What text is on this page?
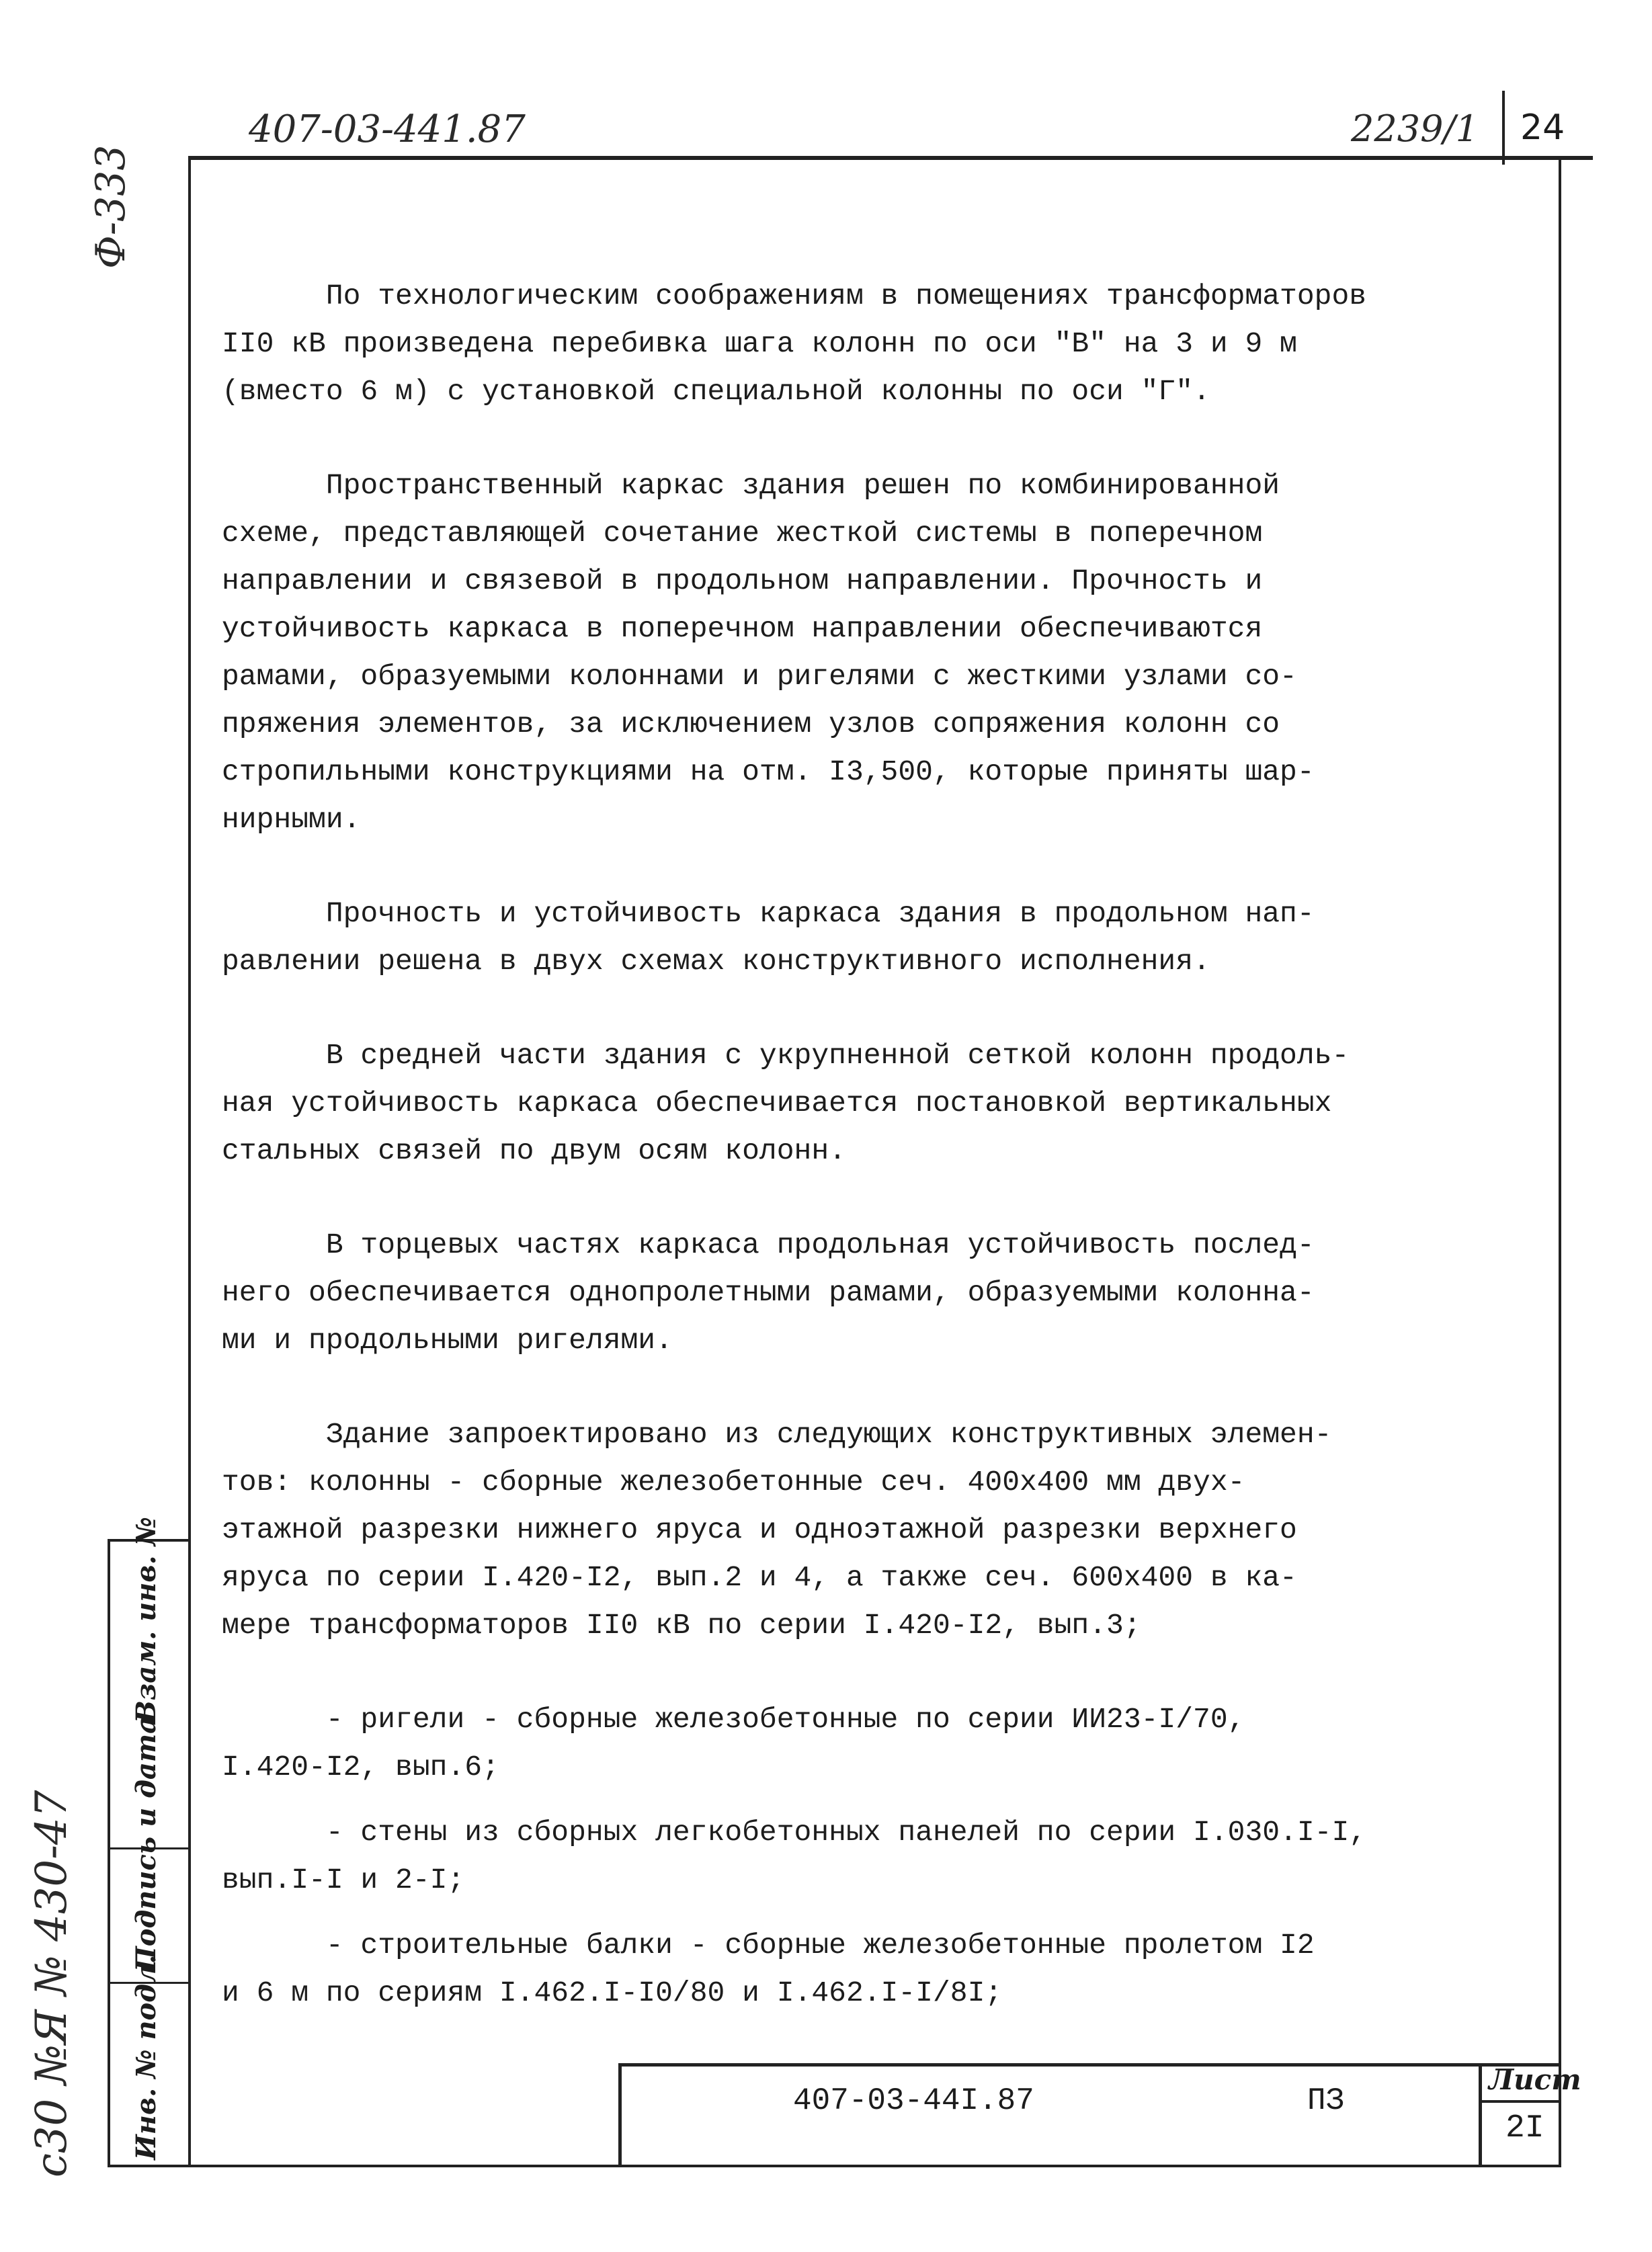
407-03-441.87	2239/1 24
Ф-333
с30 №Я № 430-47
Взам. инв. №
Подпись и дата
Инв. № подл.
По технологическим соображениям в помещениях трансформаторов
II0 кВ произведена перебивка шага колонн по оси "В" на 3 и 9 м
(вместо 6 м) с установкой специальной колонны по оси "Г".
Пространственный каркас здания решен по комбинированной
схеме, представляющей сочетание жесткой системы в поперечном
направлении и связевой в продольном направлении. Прочность и
устойчивость каркаса в поперечном направлении обеспечиваются
рамами, образуемыми колоннами и ригелями с жесткими узлами со-
пряжения элементов, за исключением узлов сопряжения колонн со
стропильными конструкциями на отм. I3,500, которые приняты шар-
нирными.
Прочность и устойчивость каркаса здания в продольном нап-
равлении решена в двух схемах конструктивного исполнения.
В средней части здания с укрупненной сеткой колонн продоль-
ная устойчивость каркаса обеспечивается постановкой вертикальных
стальных связей по двум осям колонн.
В торцевых частях каркаса продольная устойчивость послед-
него обеспечивается однопролетными рамами, образуемыми колонна-
ми и продольными ригелями.
Здание запроектировано из следующих конструктивных элемен-
тов: колонны - сборные железобетонные сеч. 400х400 мм двух-
этажной разрезки нижнего яруса и одноэтажной разрезки верхнего
яруса по серии I.420-I2, вып.2 и 4, а также сеч. 600х400 в ка-
мере трансформаторов II0 кВ по серии I.420-I2, вып.3;
- ригели - сборные железобетонные по серии ИИ23-I/70,
I.420-I2, вып.6;
- стены из сборных легкобетонных панелей по серии I.030.I-I,
вып.I-I и 2-I;
- строительные балки - сборные железобетонные пролетом I2
и 6 м по сериям I.462.I-I0/80 и I.462.I-I/8I;
407-03-44I.87	ПЗ
Лист
2I
